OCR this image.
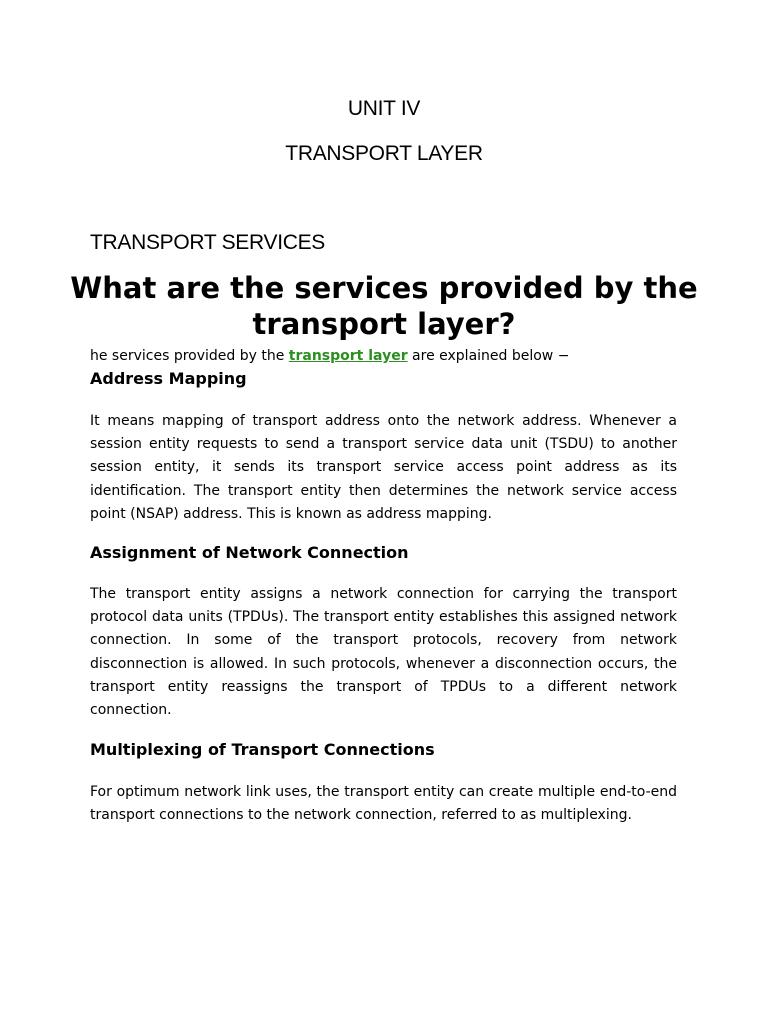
UNIT IV
TRANSPORT LAYER
TRANSPORT SERVICES
What are the services provided by the transport layer?
he services provided by the transport layer are explained below −
Address Mapping

It means mapping of transport address onto the network address. Whenever a session entity requests to send a transport service data unit (TSDU) to another session entity, it sends its transport service access point address as its identification. The transport entity then determines the network service access point (NSAP) address. This is known as address mapping.

Assignment of Network Connection

The transport entity assigns a network connection for carrying the transport protocol data units (TPDUs). The transport entity establishes this assigned network connection. In some of the transport protocols, recovery from network disconnection is allowed. In such protocols, whenever a disconnection occurs, the transport entity reassigns the transport of TPDUs to a different network connection.

Multiplexing of Transport Connections

For optimum network link uses, the transport entity can create multiple end-to-end transport connections to the network connection, referred to as multiplexing.
